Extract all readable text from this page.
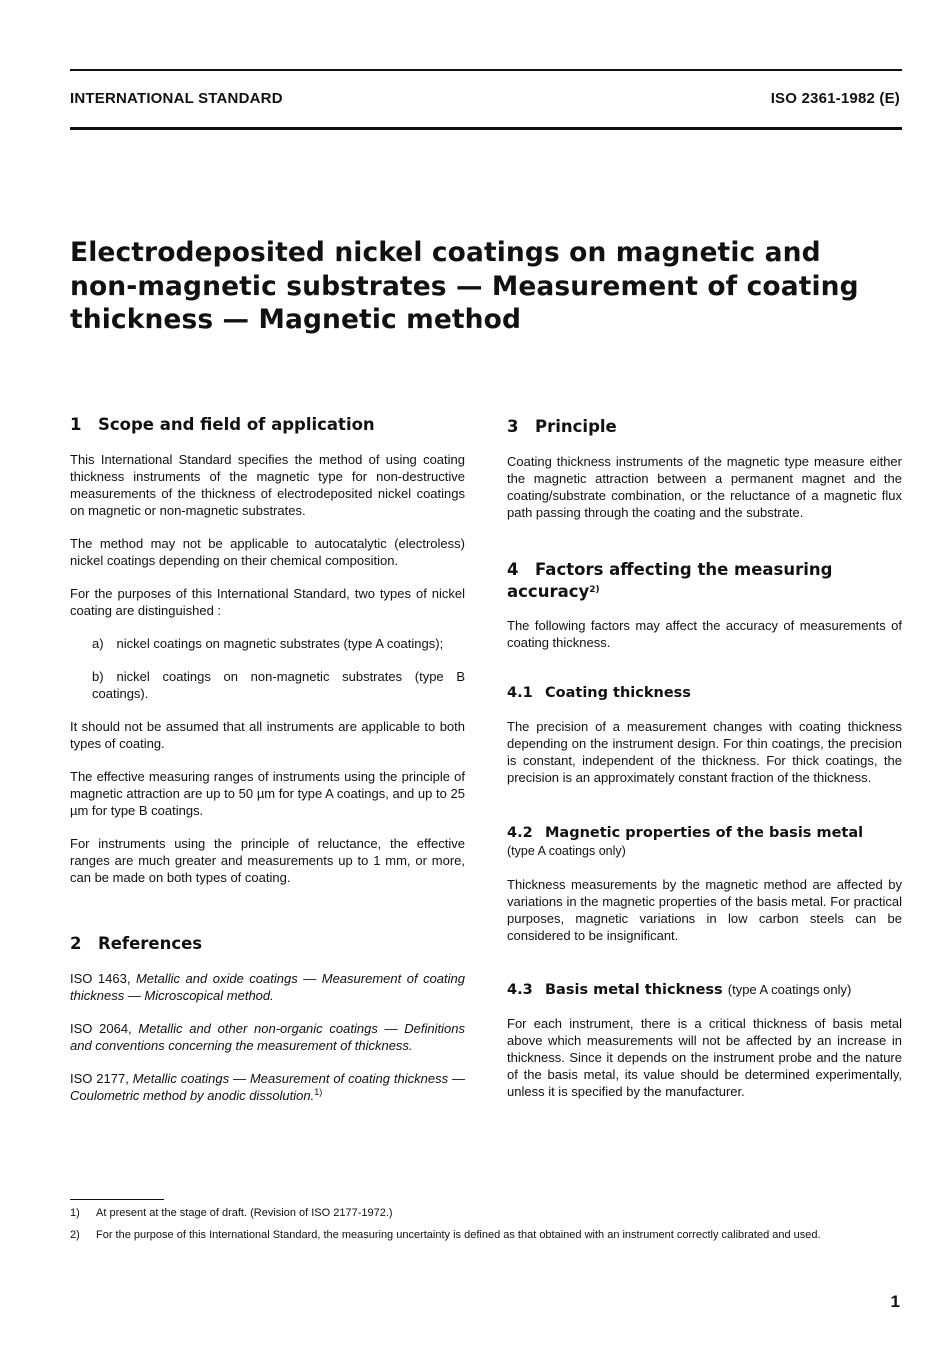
INTERNATIONAL STANDARD	ISO 2361-1982 (E)
Electrodeposited nickel coatings on magnetic and
non-magnetic substrates — Measurement of coating
thickness — Magnetic method
1 Scope and field of application

This International Standard specifies the method of using coating thickness instruments of the magnetic type for non-destructive measurements of the thickness of electrodeposited nickel coatings on magnetic or non-magnetic substrates.

The method may not be applicable to autocatalytic (electroless) nickel coatings depending on their chemical composition.

For the purposes of this International Standard, two types of nickel coating are distinguished :

a) nickel coatings on magnetic substrates (type A coatings);

b) nickel coatings on non-magnetic substrates (type B coatings).

It should not be assumed that all instruments are applicable to both types of coating.

The effective measuring ranges of instruments using the principle of magnetic attraction are up to 50 µm for type A coatings, and up to 25 µm for type B coatings.

For instruments using the principle of reluctance, the effective ranges are much greater and measurements up to 1 mm, or more, can be made on both types of coating.

2 References

ISO 1463, Metallic and oxide coatings — Measurement of coating thickness — Microscopical method.

ISO 2064, Metallic and other non-organic coatings — Definitions and conventions concerning the measurement of thickness.

ISO 2177, Metallic coatings — Measurement of coating thickness — Coulometric method by anodic dissolution.$^{1)}$

3 Principle

Coating thickness instruments of the magnetic type measure either the magnetic attraction between a permanent magnet and the coating/substrate combination, or the reluctance of a magnetic flux path passing through the coating and the substrate.

4 Factors affecting the measuring
accuracy$^{2)}$

The following factors may affect the accuracy of measurements of coating thickness.

4.1 Coating thickness

The precision of a measurement changes with coating thickness depending on the instrument design. For thin coatings, the precision is constant, independent of the thickness. For thick coatings, the precision is an approximately constant fraction of the thickness.

4.2 Magnetic properties of the basis metal

(type A coatings only)

Thickness measurements by the magnetic method are affected by variations in the magnetic properties of the basis metal. For practical purposes, magnetic variations in low carbon steels can be considered to be insignificant.

4.3 Basis metal thickness (type A coatings only)

For each instrument, there is a critical thickness of basis metal above which measurements will not be affected by an increase in thickness. Since it depends on the instrument probe and the nature of the basis metal, its value should be determined experimentally, unless it is specified by the manufacturer.

1) At present at the stage of draft. (Revision of ISO 2177-1972.)
2) For the purpose of this International Standard, the measuring uncertainty is defined as that obtained with an instrument correctly calibrated and used.
1
